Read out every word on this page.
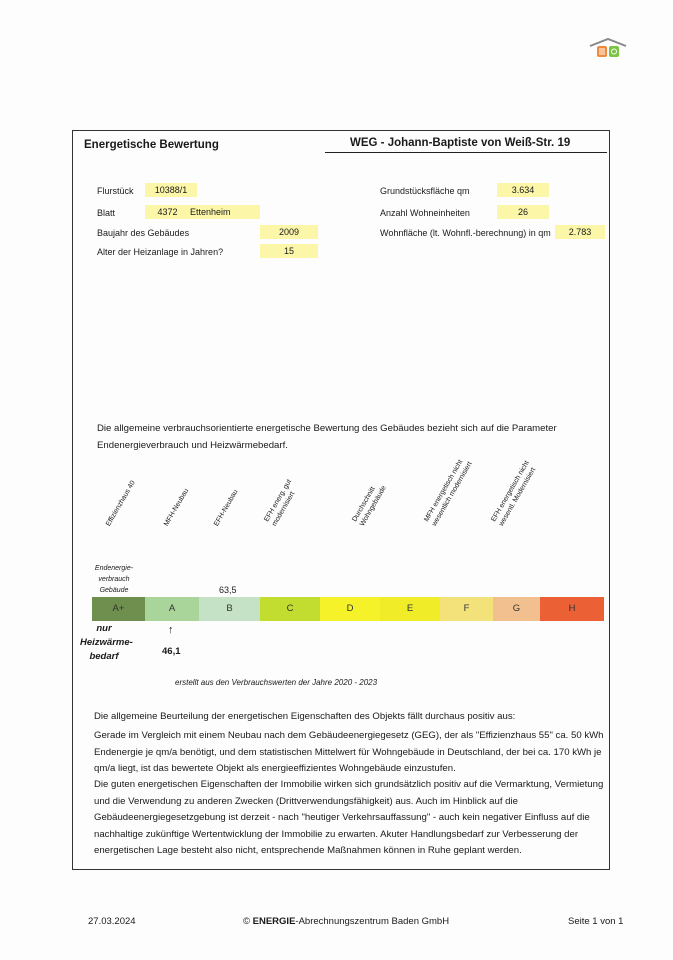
Energetische Bewertung	WEG - Johann-Baptiste von Weiß-Str. 19
Flurstück	10388/1
Blatt	4372	Ettenheim
Baujahr des Gebäudes	2009
Alter der Heizanlage in Jahren?	15
Grundstücksfläche qm	3.634
Anzahl Wohneinheiten	26
Wohnfläche (lt. Wohnfl.-berechnung) in qm	2.783
Die allgemeine verbrauchsorientierte energetische Bewertung des Gebäudes bezieht sich auf die Parameter Endenergieverbrauch und Heizwärmebedarf.
Effizienzhaus 40	MFH-Neubau	EFH-Neubau	EFH energ. gut
modernisiert	Durchschnitt
Wohngebäude	MFH energetisch nicht
wesentlich modernisiert EFH energetisch nicht
wesentl. Modernisiert
Endenergie-
verbrauch
Gebäude	63,5
A+	A	B	C	D	E	F	G	H
nur
Heizwärme-
bedarf
↑
46,1
erstellt aus den Verbrauchswerten der Jahre 2020 - 2023
Die allgemeine Beurteilung der energetischen Eigenschaften des Objekts fällt durchaus positiv aus:
Gerade im Vergleich mit einem Neubau nach dem Gebäudeenergiegesetz (GEG), der als "Effizienzhaus 55" ca. 50 kWh Endenergie je qm/a benötigt, und dem statistischen Mittelwert für Wohngebäude in Deutschland, der bei ca. 170 kWh je qm/a liegt, ist das bewertete Objekt als energieeffizientes Wohngebäude einzustufen.
Die guten energetischen Eigenschaften der Immobilie wirken sich grundsätzlich positiv auf die Vermarktung, Vermietung und die Verwendung zu anderen Zwecken (Drittverwendungsfähigkeit) aus. Auch im Hinblick auf die Gebäudeenergiegesetzgebung ist derzeit - nach "heutiger Verkehrsauffassung" - auch kein negativer Einfluss auf die nachhaltige zukünftige Wertentwicklung der Immobilie zu erwarten. Akuter Handlungsbedarf zur Verbesserung der energetischen Lage besteht also nicht, entsprechende Maßnahmen können in Ruhe geplant werden.
27.03.2024	© ENERGIE-Abrechnungszentrum Baden GmbH	Seite 1 von 1
